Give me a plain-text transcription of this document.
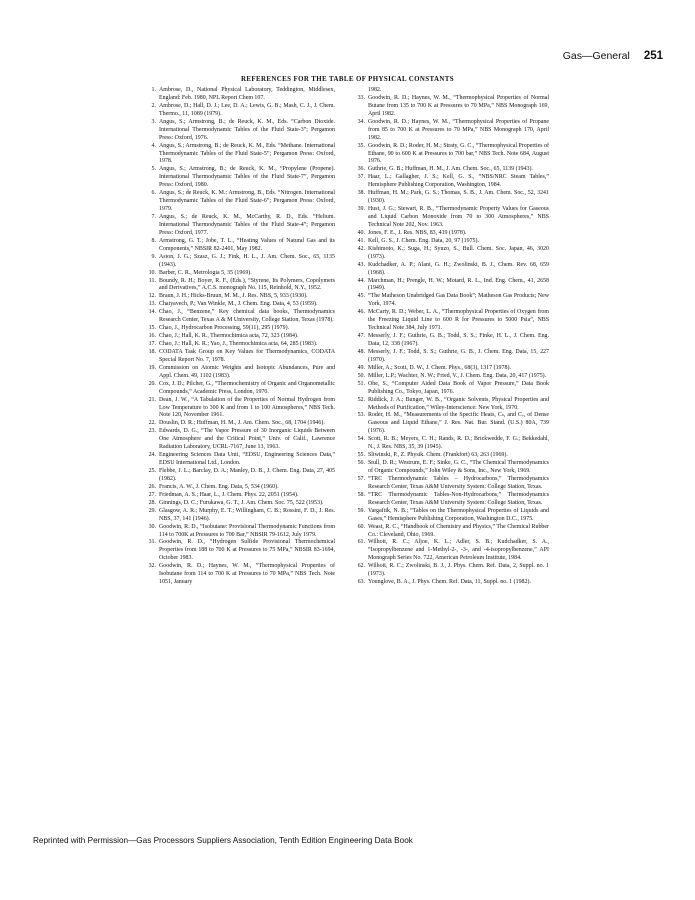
Gas—General 251
REFERENCES FOR THE TABLE OF PHYSICAL CONSTANTS
1. Ambrose, D., National Physical Laboratory, Teddington, Middlesex, England: Feb. 1980, NPL Report Chem 107.
2. Ambrose, D.; Hall, D. J.; Lee, D. A.; Lewis, G. B.; Mash, C. J., J. Chem. Thermo., 11, 1089 (1979).
3. Angus, S.; Armstrong, B.; de Reuck, K. M., Eds. “Carbon Dioxide. International Thermodynamic Tables of the Fluid State-3”; Pergamon Press: Oxford, 1976.
4. Angus, S.; Armstrong, B.; de Reuck, K. M., Eds. “Methane. International Thermodynamic Tables of the Fluid State-5”; Pergamon Press: Oxford, 1978.
5. Angus, S.; Armstrong, B.; de Reuck, K. M., “Propylene (Propene). International Thermodynamic Tables of the Fluid State-7”, Pergamon Press: Oxford, 1980.
6. Angus, S.; de Reuck, K. M.; Armstrong, B., Eds. “Nitrogen. International Thermodynamic Tables of the Fluid State-6”; Pergamon Press: Oxford, 1979.
7. Angus, S.; de Reuck, K. M., McCarthy, R. D., Eds. “Helium. International Thermodynamic Tables of the Fluid State-4”; Pergamon Press: Oxford, 1977.
8. Armstrong, G. T.; Jobe, T. L., “Heating Values of Natural Gas and its Components,” NBSIR 82-2401, May 1982.
9. Aston, J. G.; Szasz, G. J.; Fink, H. L., J. Am. Chem. Soc., 65, 1135 (1943).
10. Barber, C. R., Metrologia 5, 35 (1969).
11. Boundy, R. H.; Boyer, R. F., (Eds.), “Styrene, Its Polymers, Copolymers and Derivatives,” A.C.S. monograph No. 115, Reinhold, N.Y., 1952.
12. Braun, J. H.; Hicks-Bruun, M. M., J. Res. NBS, 5, 933 (1930).
13. Chaiyavech, P.; Van Winkle, M., J. Chem. Eng. Data, 4, 53 (1959).
14. Chao, J., “Benzene,” Key chemical data books, Thermodynamics Research Center, Texas A & M University, College Station, Texas (1978).
15. Chao, J., Hydrocarbon Processing, 59(11), 295 (1979).
16. Chao, J.; Hall, K. R., Thermochimica acta, 72, 323 (1984).
17. Chao, J.; Hall, K. R.; Yao, J., Thermochimica acta, 64, 285 (1983).
18. CODATA Task Group on Key Values for Thermodynamics, CODATA Special Report No. 7, 1978.
19. Commission on Atomic Weights and Isotopic Abundances, Pure and Appl. Chem. 49, 1102 (1983).
20. Cox, J. D.; Pilcher, G., “Thermochemistry of Organic and Organometallic Compounds,” Academic Press, London, 1970.
21. Dean, J. W., “A Tabulation of the Properties of Normal Hydrogen from Low Temperature to 300 K and from 1 to 100 Atmospheres,” NBS Tech. Note 120, November 1961.
22. Douslin, D. R.; Huffman, H. M., J. Am. Chem. Soc., 68, 1704 (1946).
23. Edwards, D. G., “The Vapor Pressure of 30 Inorganic Liquids Between One Atmosphere and the Critical Point,” Univ. of Calif., Lawrence Radiation Laboratory, UCRL-7167, June 13, 1963.
24. Engineering Sciences Data Unit, “EDSU, Engineering Sciences Data,” EDSU International Ltd., London.
25. Flebbe, J. L.; Barclay, D. A.; Manley, D. B., J. Chem. Eng. Data, 27, 405 (1982).
26. Francis, A. W., J. Chem. Eng. Data, 5, 534 (1960).
27. Friedman, A. S.; Haar, L., J. Chem. Phys. 22, 2051 (1954).
28. Ginnings, D. C.; Furukawa, G. T., J. Am. Chem. Soc. 75, 522 (1953).
29. Glasgow, A. R.; Murphy, E. T.; Willingham, C. B.; Rossini, F. D., J. Res. NBS, 37, 141 (1946).
30. Goodwin, R. D., “Isobutane: Provisional Thermodynamic Functions from 114 to 700K at Pressures to 700 Bar,” NBSIR 79-1612, July 1979.
31. Goodwin, R. D., “Hydrogen Sulfide Provisional Thermochemical Properties from 188 to 700 K at Pressures to 75 MPa,” NBSIR 83-1694, October 1983.
32. Goodwin, R. D.; Haynes, W. M., “Thermophysical Properties of Isobutane from 114 to 700 K at Pressures to 70 MPa,” NBS Tech. Note 1051, January
1982.
33. Goodwin, R. D.; Haynes, W. M., “Thermophysical Properties of Normal Butane from 135 to 700 K at Pressures to 70 MPa,” NBS Monograph 169, April 1982.
34. Goodwin, R. D.; Haynes, W. M., “Thermophysical Properties of Propane from 85 to 700 K at Pressures to 70 MPa,” NBS Monograph 170, April 1982.
35. Goodwin, R. D.; Roder, H. M.; Straty, G. C., “Thermophysical Properties of Ethane, 90 to 600 K at Pressures to 700 bar,” NBS Tech. Note 684, August 1976.
36. Guthrie, G. B.; Huffman, H. M., J. Am. Chem. Soc., 65, 1139 (1943).
37. Haar, L.; Gallagher, J. S.; Kell, G. S., “NBS/NRC Steam Tables,” Hemisphere Publishing Corporation, Washington, 1984.
38. Huffman, H. M.; Park, G. S.; Thomas, S. B., J. Am. Chem. Soc., 52, 3241 (1930).
39. Hust, J. G.; Stewart, R. B., “Thermodynamic Property Values for Gaseous and Liquid Carbon Monoxide from 70 to 300 Atmospheres,” NBS Technical Note 202, Nov. 1963.
40. Jones, F. E., J. Res. NBS, 83, 419 (1978).
41. Kell, G. S., J. Chem. Eng. Data, 20, 97 (1975).
42. Kishimoto, K.; Suga, H.; Syuzo, S., Bull. Chem. Soc. Japan, 46, 3020 (1973).
43. Kudchadker, A. P.; Alani, G. H.; Zwolinski, B. J., Chem. Rev. 68, 659 (1968).
44. Marchman, H.; Prengle, H. W.; Motard, R. L., Ind. Eng. Chem., 41, 2658 (1949).
45. “The Matheson Unabridged Gas Data Book”; Matheson Gas Products; New York, 1974.
46. McCarty, R. D.; Weber, L. A., “Thermophysical Properties of Oxygen from the Freezing Liquid Line to 600 R for Pressures to 5000 Psia”, NBS Technical Note 384, July 1971.
47. Messerly, J. F.; Guthrie, G. B.; Todd, S. S.; Finke, H. L., J. Chem. Eng. Data, 12, 338 (1967).
48. Messerly, J. F.; Todd, S. S.; Guthrie, G. B., J. Chem. Eng. Data, 15, 227 (1970).
49. Miller, A.; Scott, D. W., J. Chem. Phys., 68(3), 1317 (1978).
50. Miller, L.P.; Wachter, N. W.; Fried, V., J. Chem. Eng. Data, 20, 417 (1975).
51. Ohe, S., “Computer Aided Data Book of Vapor Pressure,” Data Book Publishing Co., Tokyo, Japan, 1976.
52. Riddick, J. A.; Bunger, W. B., “Organic Solvents, Physical Properties and Methods of Purification,” Wiley-Interscience: New York, 1970.
53. Roder, H. M., “Measurements of the Specific Heats, Cₛ, and Cᵥ, of Dense Gaseous and Liquid Ethane,” J. Res. Nat. Bur. Stand. (U.S.) 80A, 739 (1976).
54. Scott, R. B.; Meyers, C. H.; Rands, R. D.; Brickwedde, F. G.; Bekkedahl, N., J. Res. NBS, 35, 39 (1945).
55. Sliwinski, P., Z. Physik. Chem. (Frankfort) 63, 263 (1969).
56. Stull, D. R.; Westrum, E. F.; Sinke, G. C., “The Chemical Thermodynamics of Organic Compounds,” John Wiley & Sons, Inc., New York, 1969.
57. “TRC Thermodynamic Tables – Hydrocarbons,” Thermodynamics Research Center, Texas A&M University System: College Station, Texas.
58. “TRC Thermodynamic Tables-Non-Hydrocarbons,” Thermodynamics Research Center, Texas A&M University System: College Station, Texas.
59. Vargaftik, N. B.; “Tables on the Thermophysical Properties of Liquids and Gases,” Hemisphere Publishing Corporation, Washington D.C., 1975.
60. Weast, R. C., “Handbook of Chemistry and Physics,” The Chemical Rubber Co.: Cleveland, Ohio, 1969.
61. Wilhoit, R. C.; Aljoe, K. L.; Adler, S. B.; Kudchadker, S. A., “Isopropylbenzene and 1-Methyl-2-, -3-, and -4-isopropylbenzene,” API Monograph Series No. 722, American Petroleum Institute, 1984.
62. Wilhoit, R. C.; Zwolinski, B. J., J. Phys. Chem. Ref. Data, 2, Suppl. no. 1 (1973).
63. Younglove, B. A., J. Phys. Chem. Ref. Data, 11, Suppl. no. 1 (1982).
Reprinted with Permission—Gas Processors Suppliers Association, Tenth Edition Engineering Data Book
